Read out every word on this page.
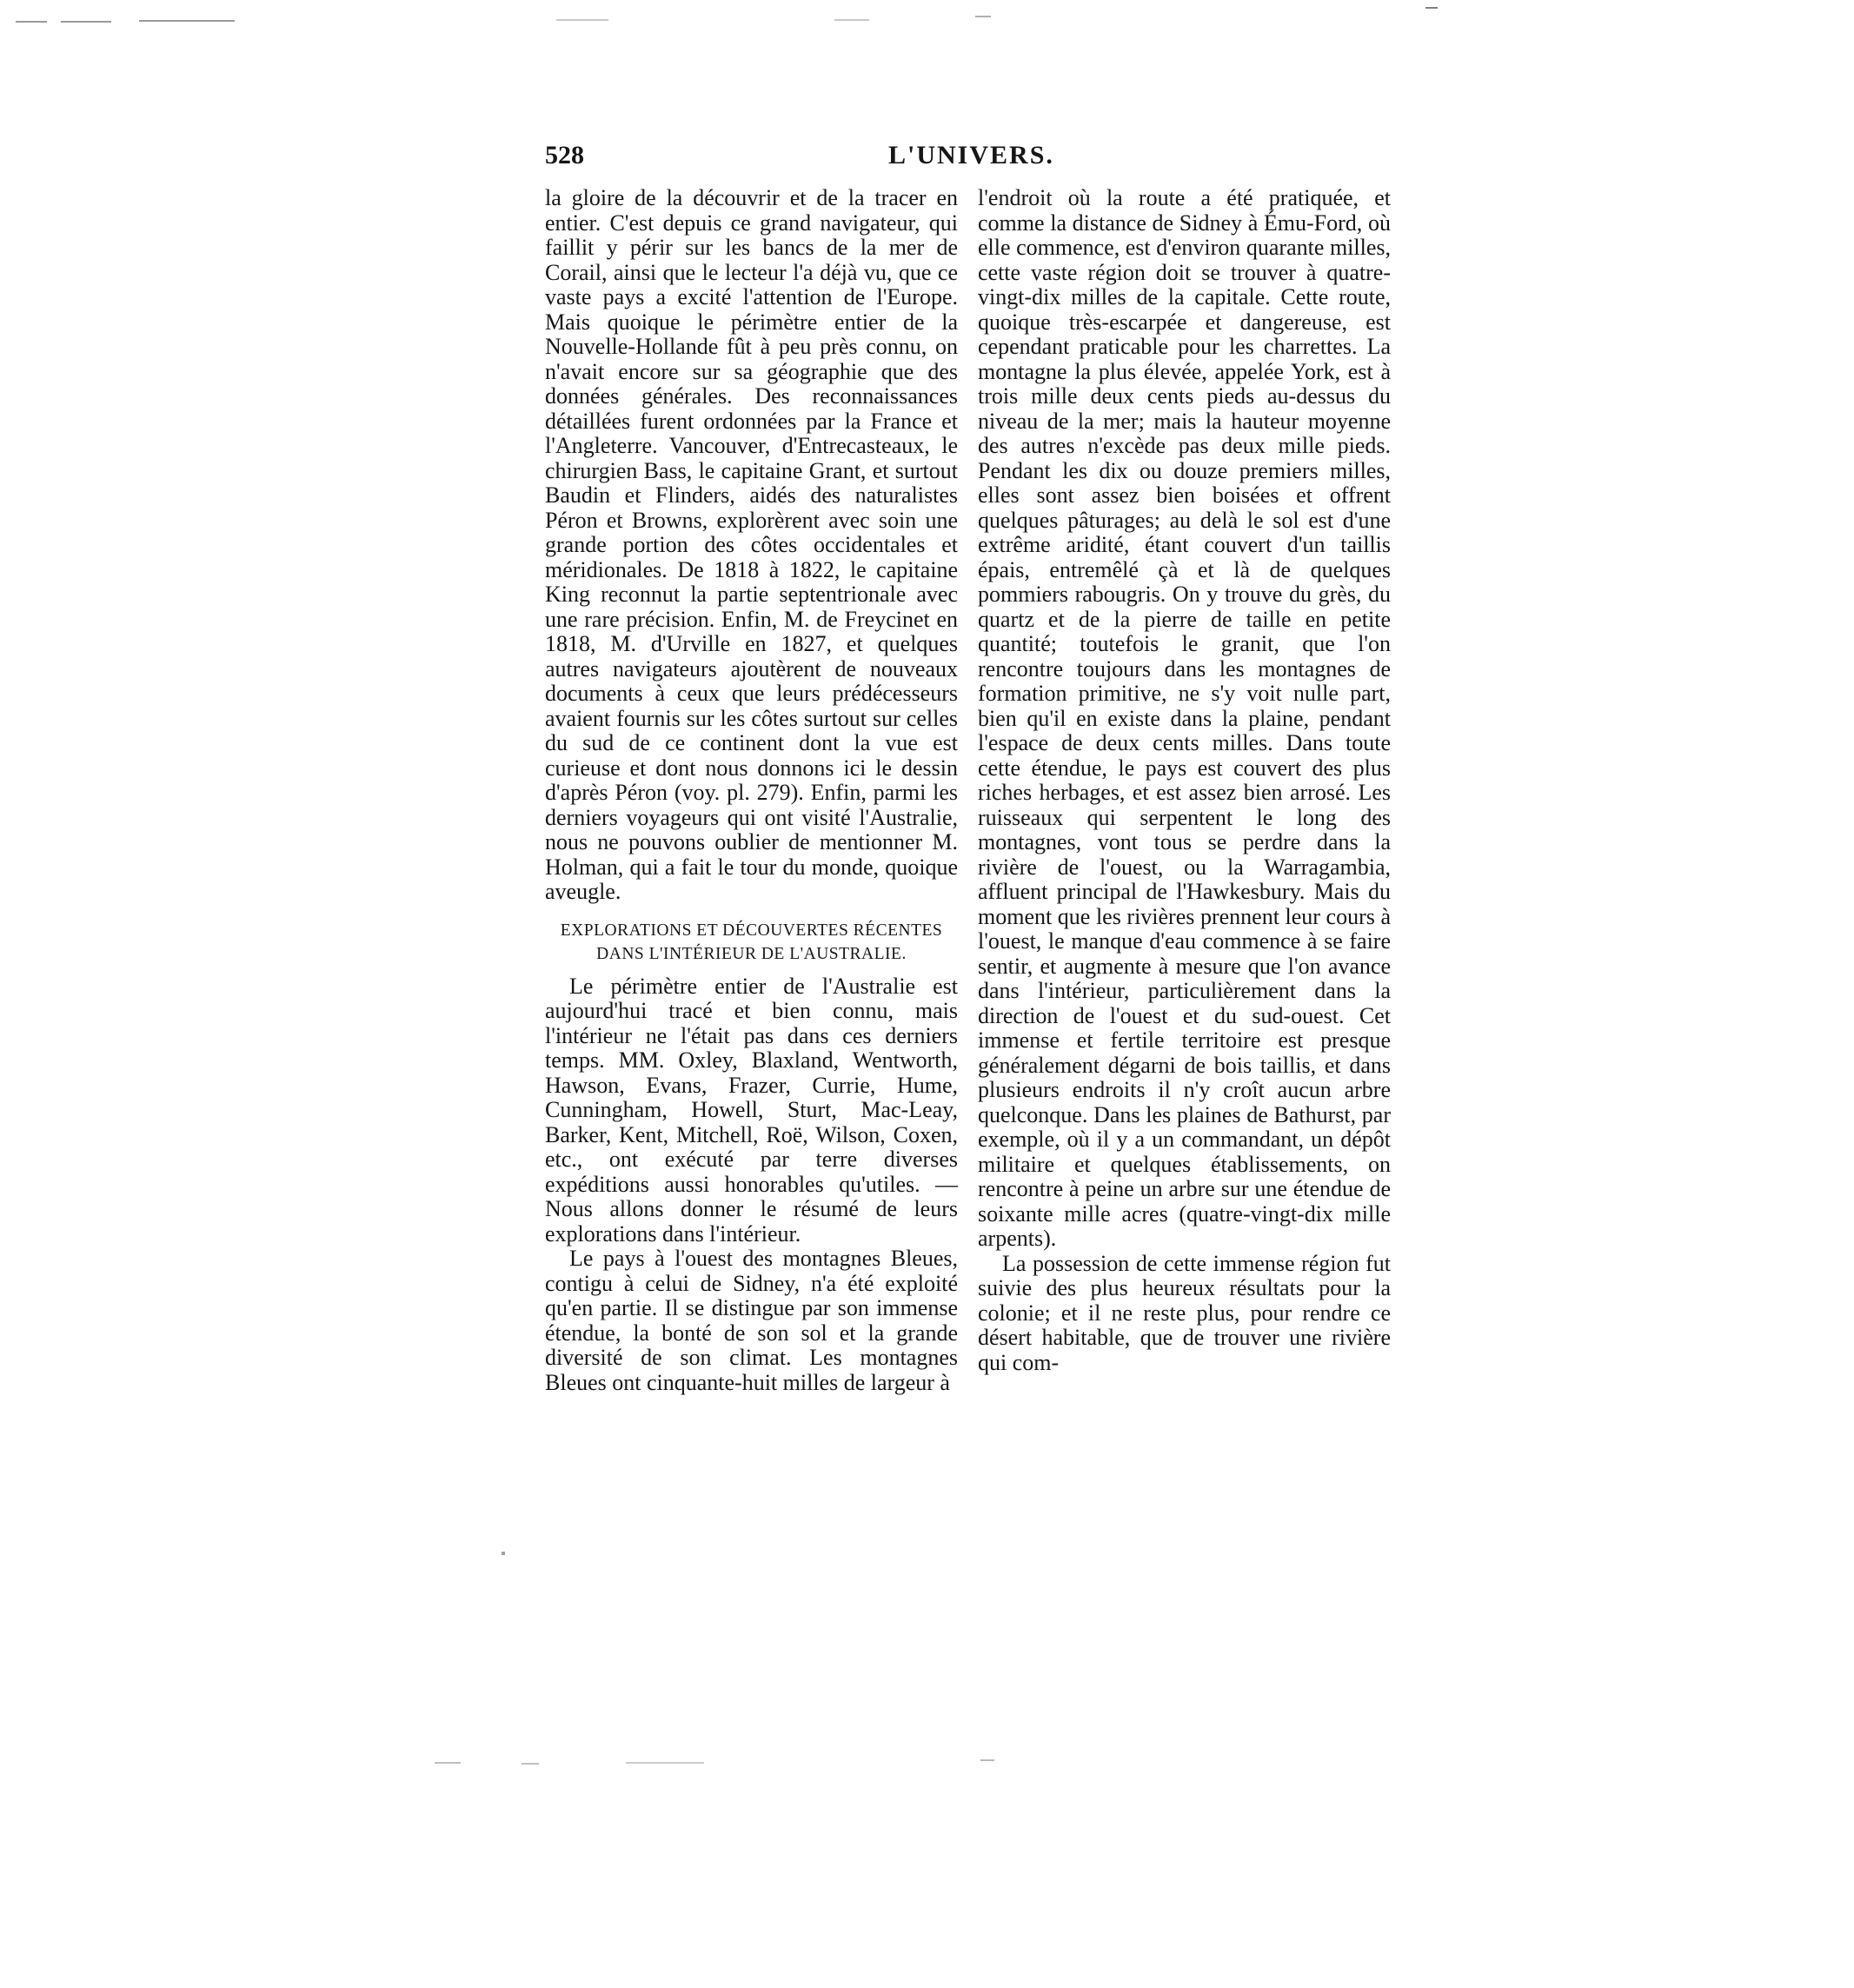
528	L'UNIVERS.

la gloire de la découvrir et de la tracer en entier. C'est depuis ce grand navigateur, qui faillit y périr sur les bancs de la mer de Corail, ainsi que le lecteur l'a déjà vu, que ce vaste pays a excité l'attention de l'Europe. Mais quoique le périmètre entier de la Nouvelle-Hollande fût à peu près connu, on n'avait encore sur sa géographie que des données générales. Des reconnaissances détaillées furent ordonnées par la France et l'Angleterre. Vancouver, d'Entrecasteaux, le chirurgien Bass, le capitaine Grant, et surtout Baudin et Flinders, aidés des naturalistes Péron et Browns, explorèrent avec soin une grande portion des côtes occidentales et méridionales. De 1818 à 1822, le capitaine King reconnut la partie septentrionale avec une rare précision. Enfin, M. de Freycinet en 1818, M. d'Urville en 1827, et quelques autres navigateurs ajoutèrent de nouveaux documents à ceux que leurs prédécesseurs avaient fournis sur les côtes surtout sur celles du sud de ce continent dont la vue est curieuse et dont nous donnons ici le dessin d'après Péron (voy. pl. 279). Enfin, parmi les derniers voyageurs qui ont visité l'Australie, nous ne pouvons oublier de mentionner M. Holman, qui a fait le tour du monde, quoique aveugle.

EXPLORATIONS ET DÉCOUVERTES RÉCENTES
DANS L'INTÉRIEUR DE L'AUSTRALIE.

Le périmètre entier de l'Australie est aujourd'hui tracé et bien connu, mais l'intérieur ne l'était pas dans ces derniers temps. MM. Oxley, Blaxland, Wentworth, Hawson, Evans, Frazer, Currie, Hume, Cunningham, Howell, Sturt, Mac-Leay, Barker, Kent, Mitchell, Roë, Wilson, Coxen, etc., ont exécuté par terre diverses expéditions aussi honorables qu'utiles. — Nous allons donner le résumé de leurs explorations dans l'intérieur.

Le pays à l'ouest des montagnes Bleues, contigu à celui de Sidney, n'a été exploité qu'en partie. Il se distingue par son immense étendue, la bonté de son sol et la grande diversité de son climat. Les montagnes Bleues ont cinquante-huit milles de largeur à

l'endroit où la route a été pratiquée, et comme la distance de Sidney à Ému-Ford, où elle commence, est d'environ quarante milles, cette vaste région doit se trouver à quatre-vingt-dix milles de la capitale. Cette route, quoique très-escarpée et dangereuse, est cependant praticable pour les charrettes. La montagne la plus élevée, appelée York, est à trois mille deux cents pieds au-dessus du niveau de la mer; mais la hauteur moyenne des autres n'excède pas deux mille pieds. Pendant les dix ou douze premiers milles, elles sont assez bien boisées et offrent quelques pâturages; au delà le sol est d'une extrême aridité, étant couvert d'un taillis épais, entremêlé çà et là de quelques pommiers rabougris. On y trouve du grès, du quartz et de la pierre de taille en petite quantité; toutefois le granit, que l'on rencontre toujours dans les montagnes de formation primitive, ne s'y voit nulle part, bien qu'il en existe dans la plaine, pendant l'espace de deux cents milles. Dans toute cette étendue, le pays est couvert des plus riches herbages, et est assez bien arrosé. Les ruisseaux qui serpentent le long des montagnes, vont tous se perdre dans la rivière de l'ouest, ou la Warragambia, affluent principal de l'Hawkesbury. Mais du moment que les rivières prennent leur cours à l'ouest, le manque d'eau commence à se faire sentir, et augmente à mesure que l'on avance dans l'intérieur, particulièrement dans la direction de l'ouest et du sud-ouest. Cet immense et fertile territoire est presque généralement dégarni de bois taillis, et dans plusieurs endroits il n'y croît aucun arbre quelconque. Dans les plaines de Bathurst, par exemple, où il y a un commandant, un dépôt militaire et quelques établissements, on rencontre à peine un arbre sur une étendue de soixante mille acres (quatre-vingt-dix mille arpents).

La possession de cette immense région fut suivie des plus heureux résultats pour la colonie; et il ne reste plus, pour rendre ce désert habitable, que de trouver une rivière qui com-
